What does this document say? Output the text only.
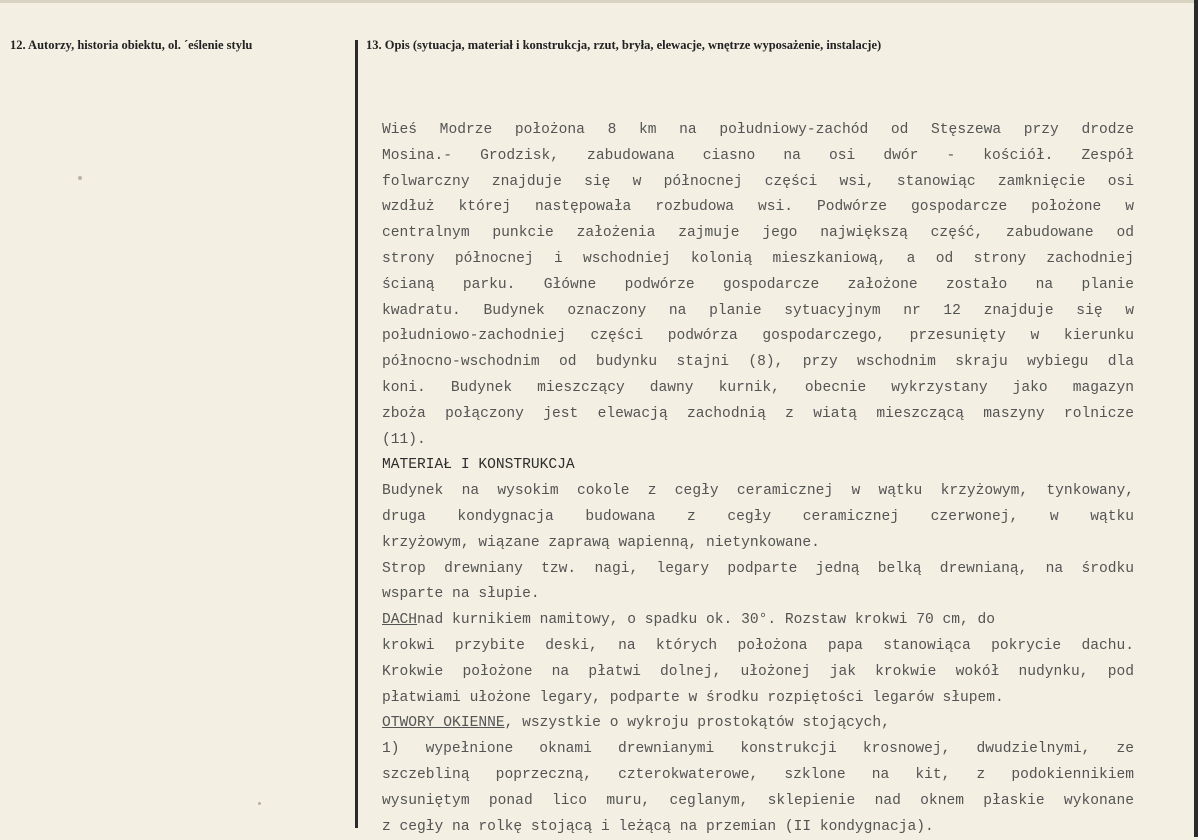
12. Autorzy, historia obiektu, ol. ´eślenie stylu	13. Opis (sytuacja, materiał i konstrukcja, rzut, bryła, elewacje, wnętrze wyposażenie, instalacje)
Wieś Modrze położona 8 km na południowy-zachód od Stęszewa przy drodze
Mosina.- Grodzisk, zabudowana ciasno na osi dwór - kościół. Zespół
folwarczny znajduje się w północnej części wsi, stanowiąc zamknięcie osi
wzdłuż której następowała rozbudowa wsi. Podwórze gospodarcze położone w
centralnym punkcie założenia zajmuje jego największą część, zabudowane od
strony północnej i wschodniej kolonią mieszkaniową, a od strony zachodniej
ścianą parku. Główne podwórze gospodarcze założone zostało na planie
kwadratu. Budynek oznaczony na planie sytuacyjnym nr 12 znajduje się w
południowo-zachodniej części podwórza gospodarczego, przesunięty w kierunku
północno-wschodnim od budynku stajni (8), przy wschodnim skraju wybiegu dla
koni. Budynek mieszczący dawny kurnik, obecnie wykrzystany jako magazyn
zboża połączony jest elewacją zachodnią z wiatą mieszczącą maszyny rolnicze
(11).
MATERIAŁ I KONSTRUKCJA
Budynek na wysokim cokole z cegły ceramicznej w wątku krzyżowym, tynkowany,
druga kondygnacja budowana z cegły ceramicznej czerwonej, w wątku
krzyżowym, wiązane zaprawą wapienną, nietynkowane.
Strop drewniany tzw. nagi, legary podparte jedną belką drewnianą, na środku
wsparte na słupie.
DACHnad kurnikiem namitowy, o spadku ok. 30°. Rozstaw krokwi 70 cm, do
krokwi przybite deski, na których położona papa stanowiąca pokrycie dachu.
Krokwie położone na płatwi dolnej, ułożonej jak krokwie wokół nudynku, pod
płatwiami ułożone legary, podparte w środku rozpiętości legarów słupem.
OTWORY OKIENNE, wszystkie o wykroju prostokątów stojących,
1) wypełnione oknami drewnianymi konstrukcji krosnowej, dwudzielnymi, ze
szczebliną poprzeczną, czterokwaterowe, szklone na kit, z podokiennikiem
wysuniętym ponad lico muru, ceglanym, sklepienie nad oknem płaskie wykonane
z cegły na rolkę stojącą i leżącą na przemian (II kondygnacja).
